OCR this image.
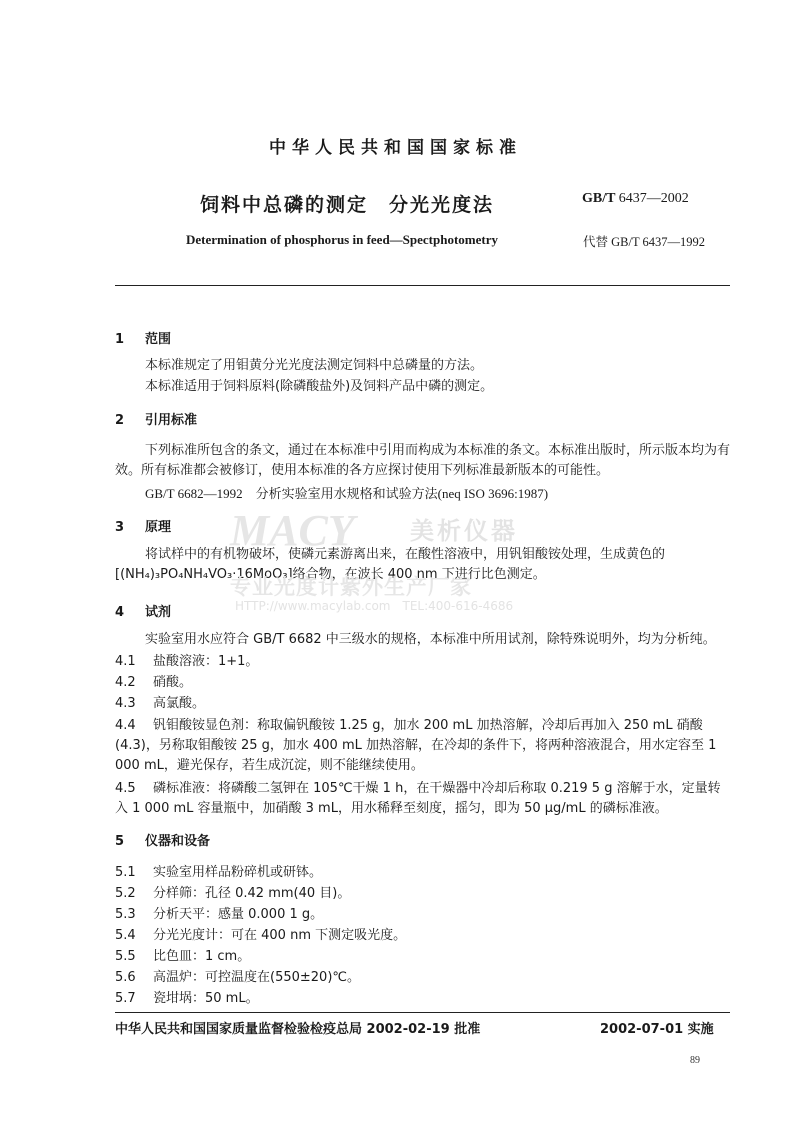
中华人民共和国国家标准
饲料中总磷的测定　分光光度法	GB/T 6437—2002
Determination of phosphorus in feed—Spectphotometry	代替 GB/T 6437—1992
1 范围
本标准规定了用钼黄分光光度法测定饲料中总磷量的方法。
本标准适用于饲料原料(除磷酸盐外)及饲料产品中磷的测定。
2 引用标准
下列标准所包含的条文，通过在本标准中引用而构成为本标准的条文。本标准出版时，所示版本均为有效。所有标准都会被修订，使用本标准的各方应探讨使用下列标准最新版本的可能性。
GB/T 6682—1992　分析实验室用水规格和试验方法(neq ISO 3696:1987)
3 原理
将试样中的有机物破坏，使磷元素游离出来，在酸性溶液中，用钒钼酸铵处理，生成黄色的[(NH₄)₃PO₄NH₄VO₃·16MoO₃]络合物，在波长 400 nm 下进行比色测定。
MACY 美析仪器
专业光度计紫外生产厂家
HTTP://www.macylab.com　TEL:400-616-4686
4 试剂
实验室用水应符合 GB/T 6682 中三级水的规格，本标准中所用试剂，除特殊说明外，均为分析纯。
4.1 盐酸溶液：1+1。
4.2 硝酸。
4.3 高氯酸。
4.4 钒钼酸铵显色剂：称取偏钒酸铵 1.25 g，加水 200 mL 加热溶解，冷却后再加入 250 mL 硝酸(4.3)，另称取钼酸铵 25 g，加水 400 mL 加热溶解，在冷却的条件下，将两种溶液混合，用水定容至 1 000 mL，避光保存，若生成沉淀，则不能继续使用。
4.5 磷标准液：将磷酸二氢钾在 105℃干燥 1 h，在干燥器中冷却后称取 0.219 5 g 溶解于水，定量转入 1 000 mL 容量瓶中，加硝酸 3 mL，用水稀释至刻度，摇匀，即为 50 μg/mL 的磷标准液。
5 仪器和设备
5.1 实验室用样品粉碎机或研钵。
5.2 分样筛：孔径 0.42 mm(40 目)。
5.3 分析天平：感量 0.000 1 g。
5.4 分光光度计：可在 400 nm 下测定吸光度。
5.5 比色皿：1 cm。
5.6 高温炉：可控温度在(550±20)℃。
5.7 瓷坩埚：50 mL。
中华人民共和国国家质量监督检验检疫总局 2002-02-19 批准	2002-07-01 实施
89
